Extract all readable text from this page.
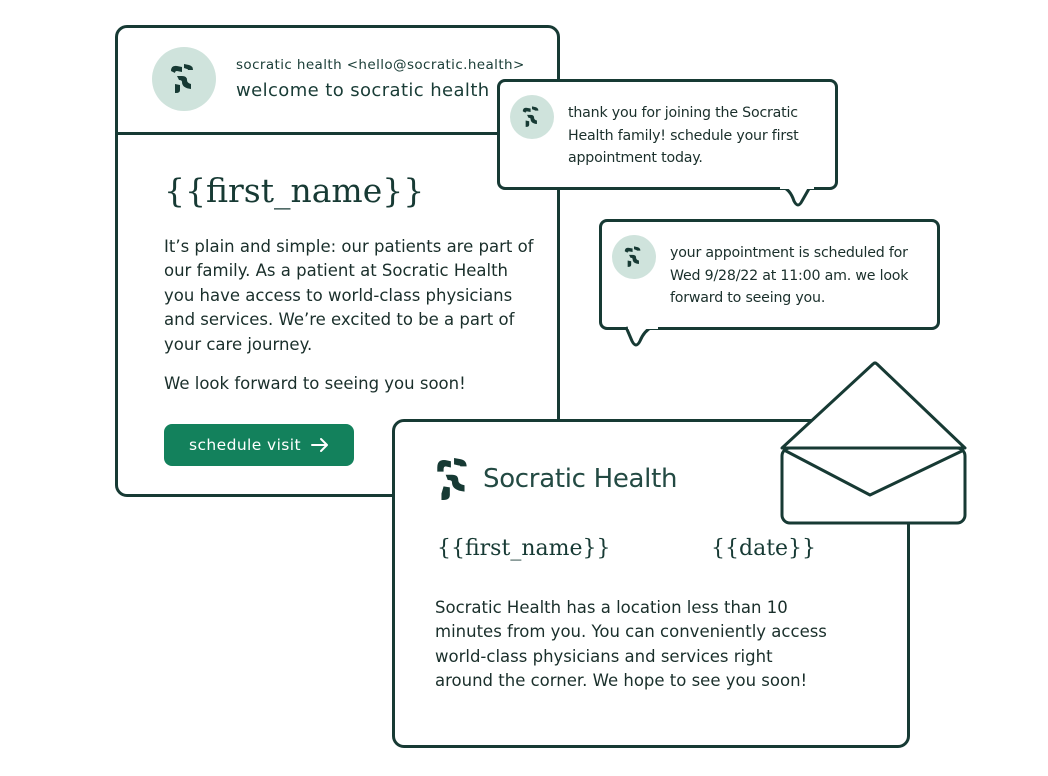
socratic health <hello@socratic.health>
welcome to socratic health
{{first_name}}

It’s plain and simple: our patients are part of our family. As a patient at Socratic Health you have access to world-class physicians and services. We’re excited to be a part of your care journey.

We look forward to seeing you soon!

schedule visit

thank you for joining the Socratic Health family! schedule your first appointment today.

your appointment is scheduled for Wed 9/28/22 at 11:00 am. we look forward to seeing you.

Socratic Health
{{first_name}}	{{date}}

Socratic Health has a location less than 10 minutes from you. You can conveniently access world-class physicians and services right around the corner. We hope to see you soon!
